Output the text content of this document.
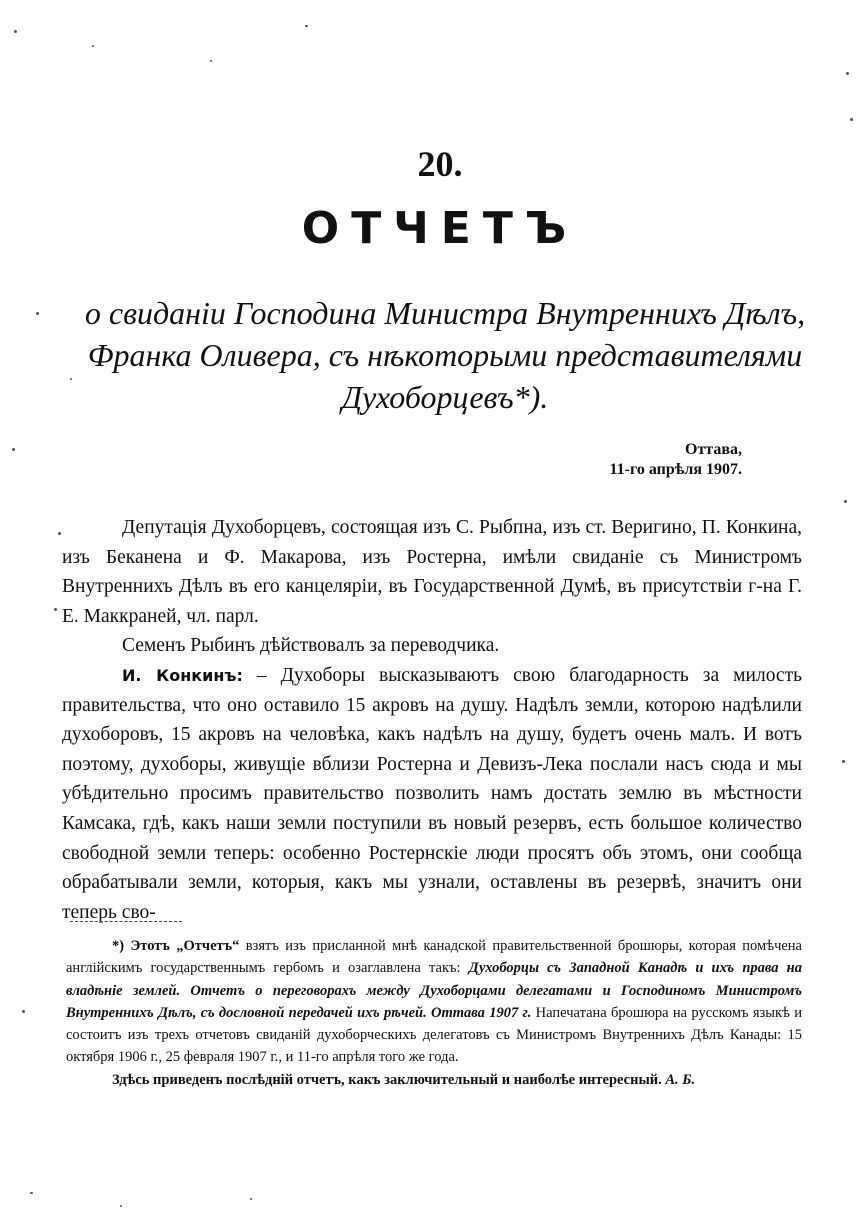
20.
ОТЧЕТЪ
о свиданіи Господина Министра Внутреннихъ Дѣлъ, Франка Оливера, съ нѣкоторыми представителями Духоборцевъ*).
Оттава,
11-го апрѣля 1907.

Депутація Духоборцевъ, состоящая изъ С. Рыбпна, изъ ст. Веригино, П. Конкина, изъ Беканена и Ф. Макарова, изъ Ростерна, имѣли свиданіе съ Министромъ Внутреннихъ Дѣлъ въ его канцеляріи, въ Государственной Думѣ, въ присутствіи г-на Г. Е. Маккраней, чл. парл.

Семенъ Рыбинъ дѣйствовалъ за переводчика.

И. Конкинъ: – Духоборы высказываютъ свою благодарность за милость правительства, что оно оставило 15 акровъ на душу. Надѣлъ земли, которою надѣлили духоборовъ, 15 акровъ на человѣка, какъ надѣлъ на душу, будетъ очень малъ. И вотъ поэтому, духоборы, живущіе вблизи Ростерна и Девизъ-Лека послали насъ сюда и мы убѣдительно просимъ правительство позволить намъ достать землю въ мѣстности Камсака, гдѣ, какъ наши земли поступили въ новый резервъ, есть большое количество свободной земли теперь: особенно Ростернскіе люди просятъ объ этомъ, они сообща обрабатывали земли, которыя, какъ мы узнали, оставлены въ резервѣ, значитъ они теперь сво-

*) Этотъ „Отчетъ“ взятъ изъ присланной мнѣ канадской правительственной брошюры, которая помѣчена англійскимъ государственнымъ гербомъ и озаглавлена такъ: Духоборцы съ Западной Канадѣ и ихъ права на владѣніе землей. Отчетъ о переговорахъ между Духоборцами делегатами и Господиномъ Министромъ Внутреннихъ Дѣлъ, съ дословной передачей ихъ рѣчей. Оттава 1907 г. Напечатана брошюра на русскомъ языкѣ и состоитъ изъ трехъ отчетовъ свиданій духоборческихъ делегатовъ съ Министромъ Внутреннихъ Дѣлъ Канады: 15 октября 1906 г., 25 февраля 1907 г., и 11-го апрѣля того же года.

Здѣсь приведенъ послѣдній отчетъ, какъ заключительный и наиболѣе интересный. А. Б.
